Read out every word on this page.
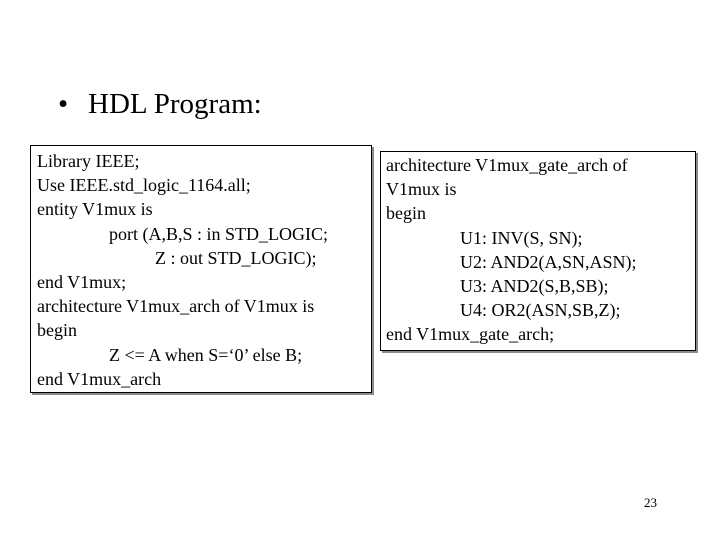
• HDL Program:
Library IEEE;
Use IEEE.std_logic_1164.all;
entity V1mux is
port (A,B,S : in STD_LOGIC;
Z : out STD_LOGIC);
end V1mux;
architecture V1mux_arch of V1mux is
begin
Z <= A when S=‘0’ else B;
end V1mux_arch
architecture V1mux_gate_arch of
V1mux is
begin
U1: INV(S, SN);
U2: AND2(A,SN,ASN);
U3: AND2(S,B,SB);
U4: OR2(ASN,SB,Z);
end V1mux_gate_arch;
23
